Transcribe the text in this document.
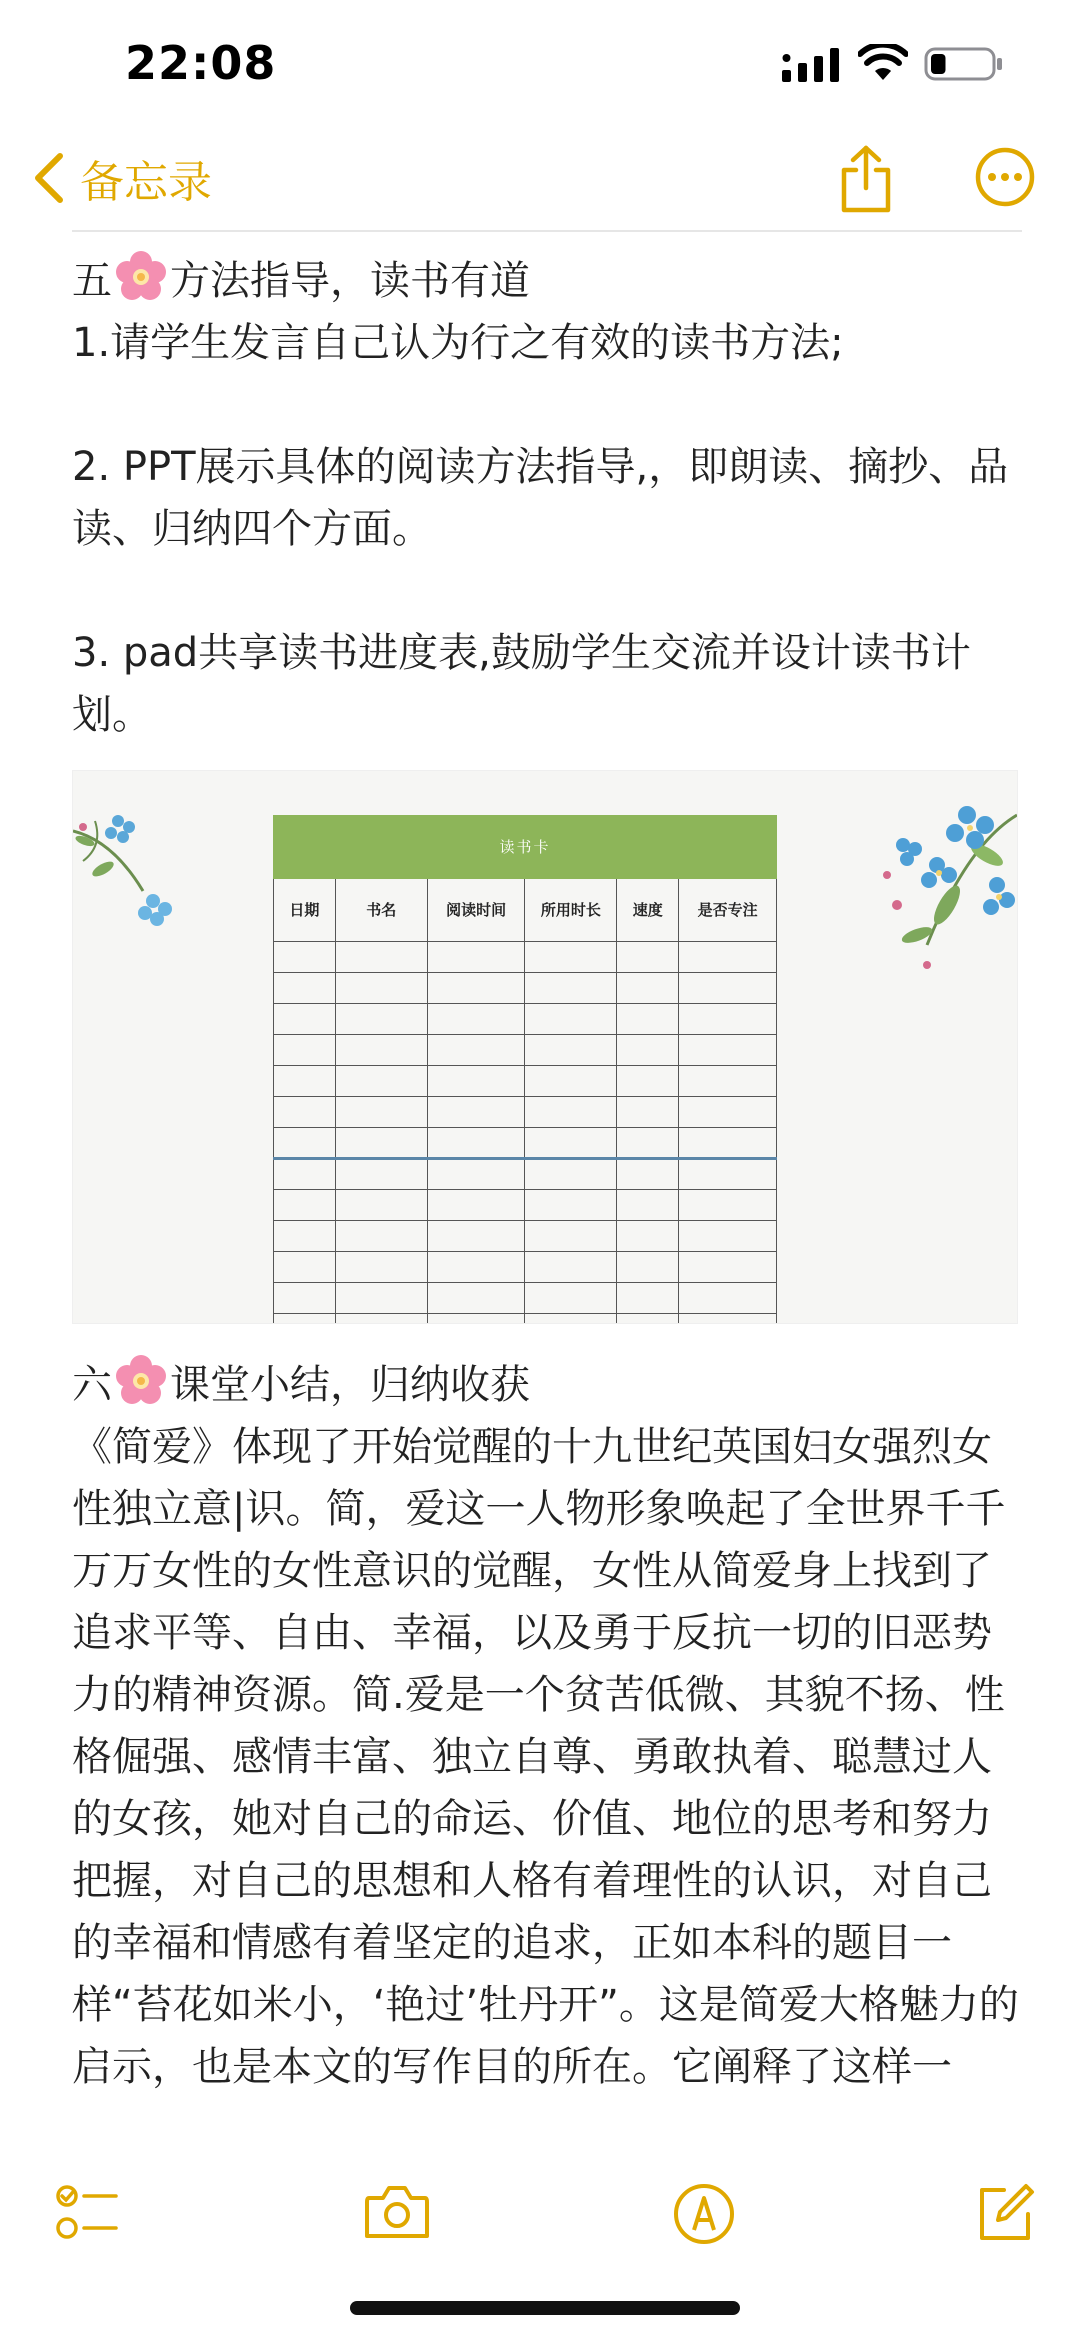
22:08
备忘录

五 方法指导，读书有道

1.请学生发言自己认为行之有效的读书方法;

2. PPT展示具体的阅读方法指导,，即朗读、摘抄、品读、归纳四个方面。

3. pad共享读书进度表,鼓励学生交流并设计读书计划。

读书卡					
日期	书名	阅读时间	所用时长	速度	是否专注

六 课堂小结，归纳收获

《简爱》体现了开始觉醒的十九世纪英国妇女强烈女性独立意|识。简，爱这一人物形象唤起了全世界千千万万女性的女性意识的觉醒，女性从简爱身上找到了追求平等、自由、幸福，以及勇于反抗一切的旧恶势力的精神资源。简.爱是一个贫苦低微、其貌不扬、性格倔强、感情丰富、独立自尊、勇敢执着、聪慧过人的女孩，她对自己的命运、价值、地位的思考和努力把握，对自己的思想和人格有着理性的认识，对自己的幸福和情感有着坚定的追求，正如本科的题目一样“苔花如米小，‘艳过’牡丹开”。这是简爱大格魅力的启示，也是本文的写作目的所在。它阐释了这样一
